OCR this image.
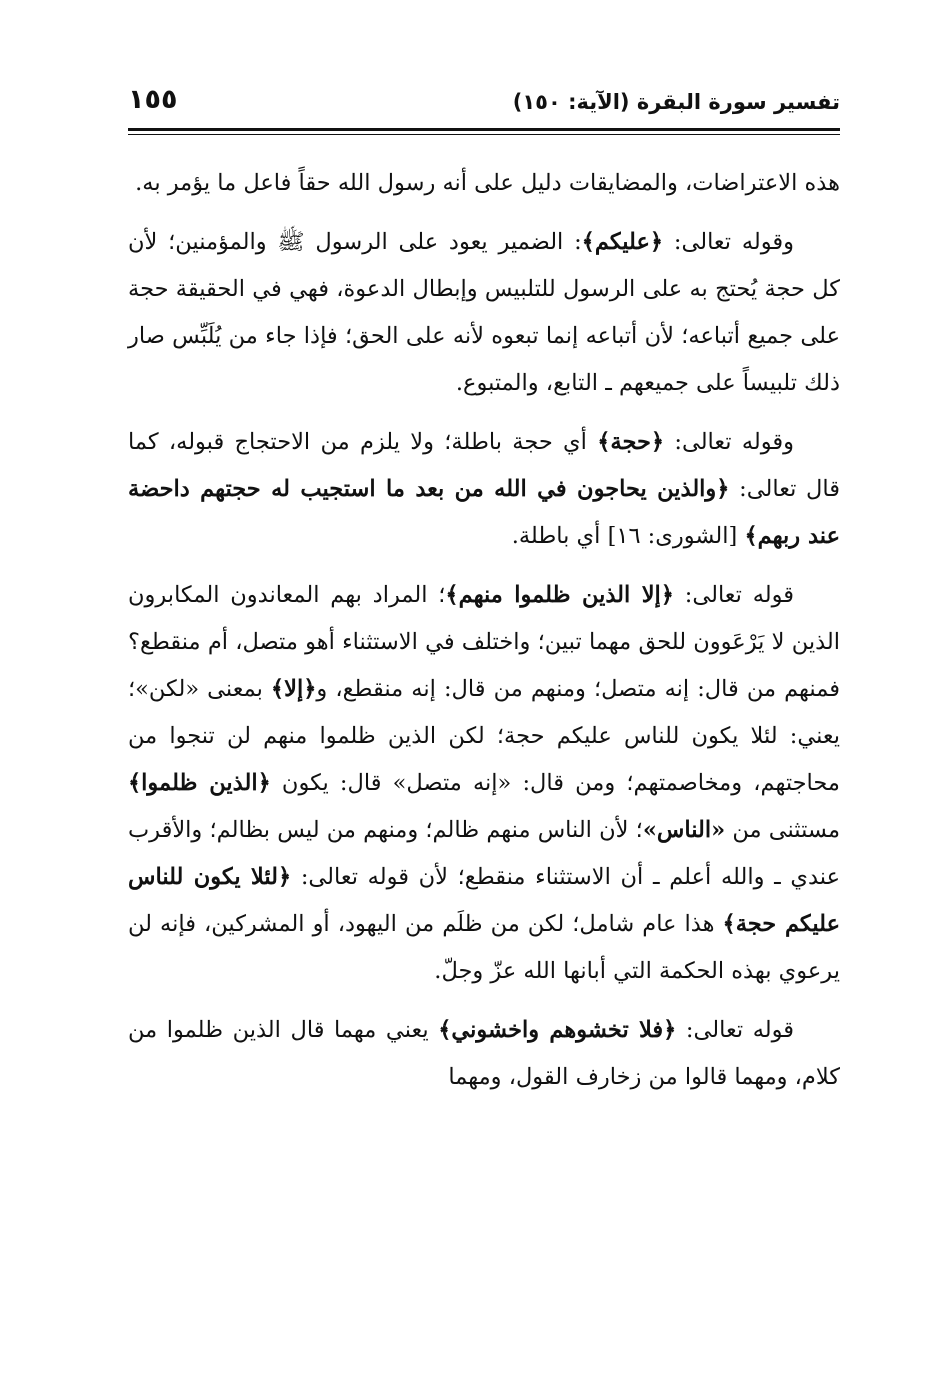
تفسير سورة البقرة (الآية: ١٥٠)
١٥٥

هذه الاعتراضات، والمضايقات دليل على أنه رسول الله حقاً فاعل ما يؤمر به.

وقوله تعالى: ﴿عليكم﴾: الضمير يعود على الرسول ﷺ والمؤمنين؛ لأن كل حجة يُحتج به على الرسول للتلبيس وإبطال الدعوة، فهي في الحقيقة حجة على جميع أتباعه؛ لأن أتباعه إنما تبعوه لأنه على الحق؛ فإذا جاء من يُلَبِّس صار ذلك تلبيساً على جميعهم ـ التابع، والمتبوع.

وقوله تعالى: ﴿حجة﴾ أي حجة باطلة؛ ولا يلزم من الاحتجاج قبوله، كما قال تعالى: ﴿والذين يحاجون في الله من بعد ما استجيب له حجتهم داحضة عند ربهم﴾ [الشورى: ١٦] أي باطلة.

قوله تعالى: ﴿إلا الذين ظلموا منهم﴾؛ المراد بهم المعاندون المكابرون الذين لا يَرْعَوون للحق مهما تبين؛ واختلف في الاستثناء أهو متصل، أم منقطع؟ فمنهم من قال: إنه متصل؛ ومنهم من قال: إنه منقطع، و﴿إلا﴾ بمعنى «لكن»؛ يعني: لئلا يكون للناس عليكم حجة؛ لكن الذين ظلموا منهم لن تنجوا من محاجتهم، ومخاصمتهم؛ ومن قال: «إنه متصل» قال: يكون ﴿الذين ظلموا﴾ مستثنى من «الناس»؛ لأن الناس منهم ظالم؛ ومنهم من ليس بظالم؛ والأقرب عندي ـ والله أعلم ـ أن الاستثناء منقطع؛ لأن قوله تعالى: ﴿لئلا يكون للناس عليكم حجة﴾ هذا عام شامل؛ لكن من ظلَم من اليهود، أو المشركين، فإنه لن يرعوي بهذه الحكمة التي أبانها الله عزّ وجلّ.

قوله تعالى: ﴿فلا تخشوهم واخشوني﴾ يعني مهما قال الذين ظلموا من كلام، ومهما قالوا من زخارف القول، ومهما
